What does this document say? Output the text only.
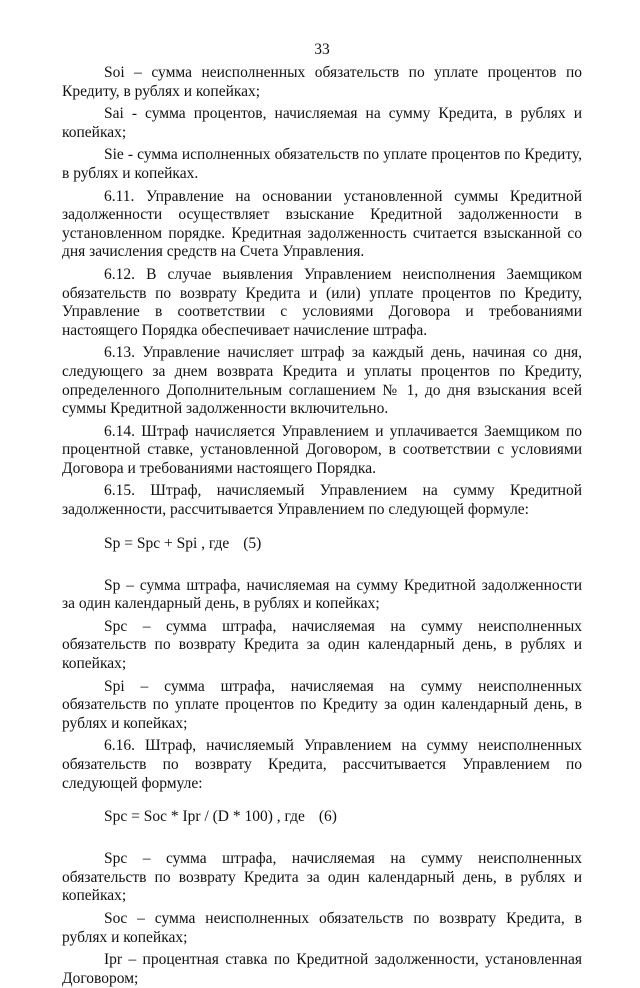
33

Soi – сумма неисполненных обязательств по уплате процентов по Кредиту, в рублях и копейках;

Sai - сумма процентов, начисляемая на сумму Кредита, в рублях и копейках;

Sie - сумма исполненных обязательств по уплате процентов по Кредиту, в рублях и копейках.

6.11. Управление на основании установленной суммы Кредитной задолженности осуществляет взыскание Кредитной задолженности в установленном порядке. Кредитная задолженность считается взысканной со дня зачисления средств на Счета Управления.

6.12. В случае выявления Управлением неисполнения Заемщиком обязательств по возврату Кредита и (или) уплате процентов по Кредиту, Управление в соответствии с условиями Договора и требованиями настоящего Порядка обеспечивает начисление штрафа.

6.13. Управление начисляет штраф за каждый день, начиная со дня, следующего за днем возврата Кредита и уплаты процентов по Кредиту, определенного Дополнительным соглашением № 1, до дня взыскания всей суммы Кредитной задолженности включительно.

6.14. Штраф начисляется Управлением и уплачивается Заемщиком по процентной ставке, установленной Договором, в соответствии с условиями Договора и требованиями настоящего Порядка.

6.15. Штраф, начисляемый Управлением на сумму Кредитной задолженности, рассчитывается Управлением по следующей формуле:

Sp = Spc + Spi , где (5)

Sp – сумма штрафа, начисляемая на сумму Кредитной задолженности за один календарный день, в рублях и копейках;

Spc – сумма штрафа, начисляемая на сумму неисполненных обязательств по возврату Кредита за один календарный день, в рублях и копейках;

Spi – сумма штрафа, начисляемая на сумму неисполненных обязательств по уплате процентов по Кредиту за один календарный день, в рублях и копейках;

6.16. Штраф, начисляемый Управлением на сумму неисполненных обязательств по возврату Кредита, рассчитывается Управлением по следующей формуле:

Spc = Soc * Ipr / (D * 100) , где (6)

Spc – сумма штрафа, начисляемая на сумму неисполненных обязательств по возврату Кредита за один календарный день, в рублях и копейках;

Soc – сумма неисполненных обязательств по возврату Кредита, в рублях и копейках;

Ipr – процентная ставка по Кредитной задолженности, установленная Договором;
